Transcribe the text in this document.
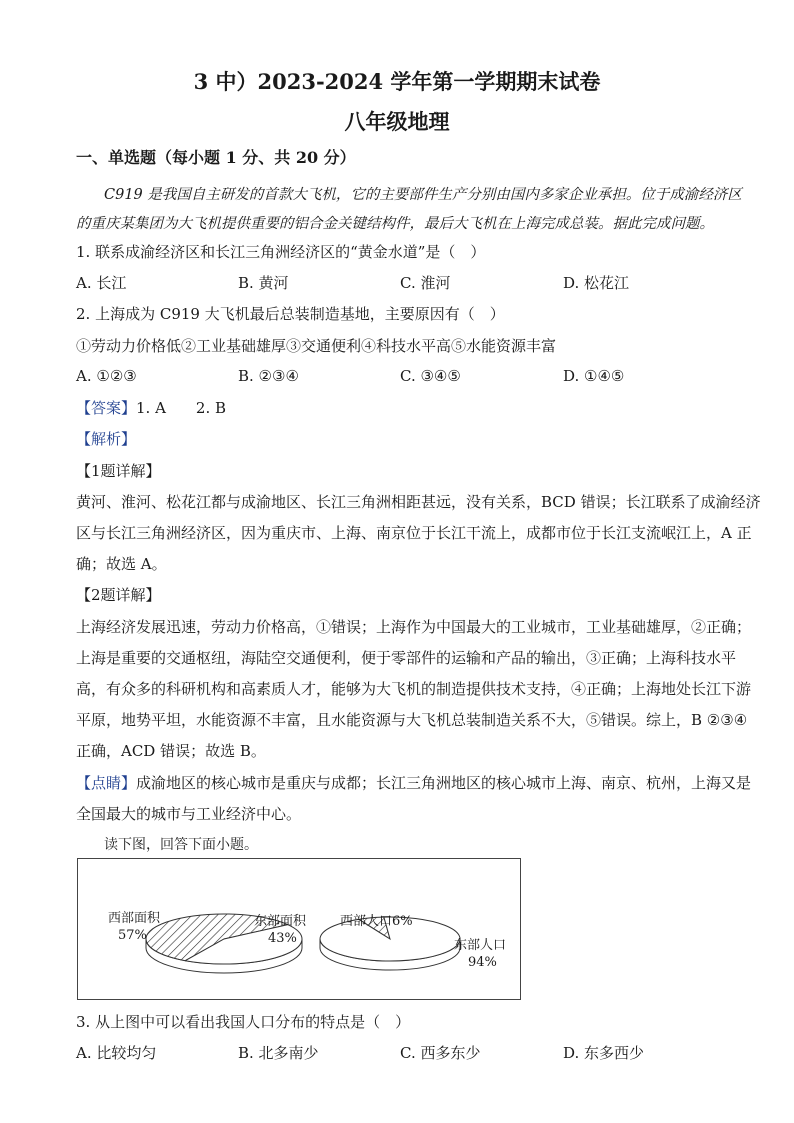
3 中）2023-2024 学年第一学期期末试卷
八年级地理
一、单选题（每小题 1 分、共 20 分）
C919 是我国自主研发的首款大飞机，它的主要部件生产分别由国内多家企业承担。位于成渝经济区
的重庆某集团为大飞机提供重要的铝合金关键结构件，最后大飞机在上海完成总装。据此完成问题。
1. 联系成渝经济区和长江三角洲经济区的“黄金水道”是（　）
A. 长江	B. 黄河	C. 淮河	D. 松花江
2. 上海成为 C919 大飞机最后总装制造基地，主要原因有（　）
①劳动力价格低②工业基础雄厚③交通便利④科技水平高⑤水能资源丰富
A. ①②③	B. ②③④	C. ③④⑤	D. ①④⑤
【答案】1. A　　2. B
【解析】
【1题详解】
黄河、淮河、松花江都与成渝地区、长江三角洲相距甚远，没有关系，BCD 错误；长江联系了成渝经济
区与长江三角洲经济区，因为重庆市、上海、南京位于长江干流上，成都市位于长江支流岷江上，A 正
确；故选 A。
【2题详解】
上海经济发展迅速，劳动力价格高，①错误；上海作为中国最大的工业城市，工业基础雄厚，②正确；
上海是重要的交通枢纽，海陆空交通便利，便于零部件的运输和产品的输出，③正确；上海科技水平
高，有众多的科研机构和高素质人才，能够为大飞机的制造提供技术支持，④正确；上海地处长江下游
平原，地势平坦，水能资源不丰富，且水能资源与大飞机总装制造关系不大，⑤错误。综上，B ②③④
正确，ACD 错误；故选 B。
【点睛】成渝地区的核心城市是重庆与成都；长江三角洲地区的核心城市上海、南京、杭州，上海又是
全国最大的城市与工业经济中心。
读下图，回答下面小题。
西部面积
57%
东部面积
43%
西部人口6%
东部人口
94%
3. 从上图中可以看出我国人口分布的特点是（　）
A. 比较均匀	B. 北多南少	C. 西多东少	D. 东多西少
